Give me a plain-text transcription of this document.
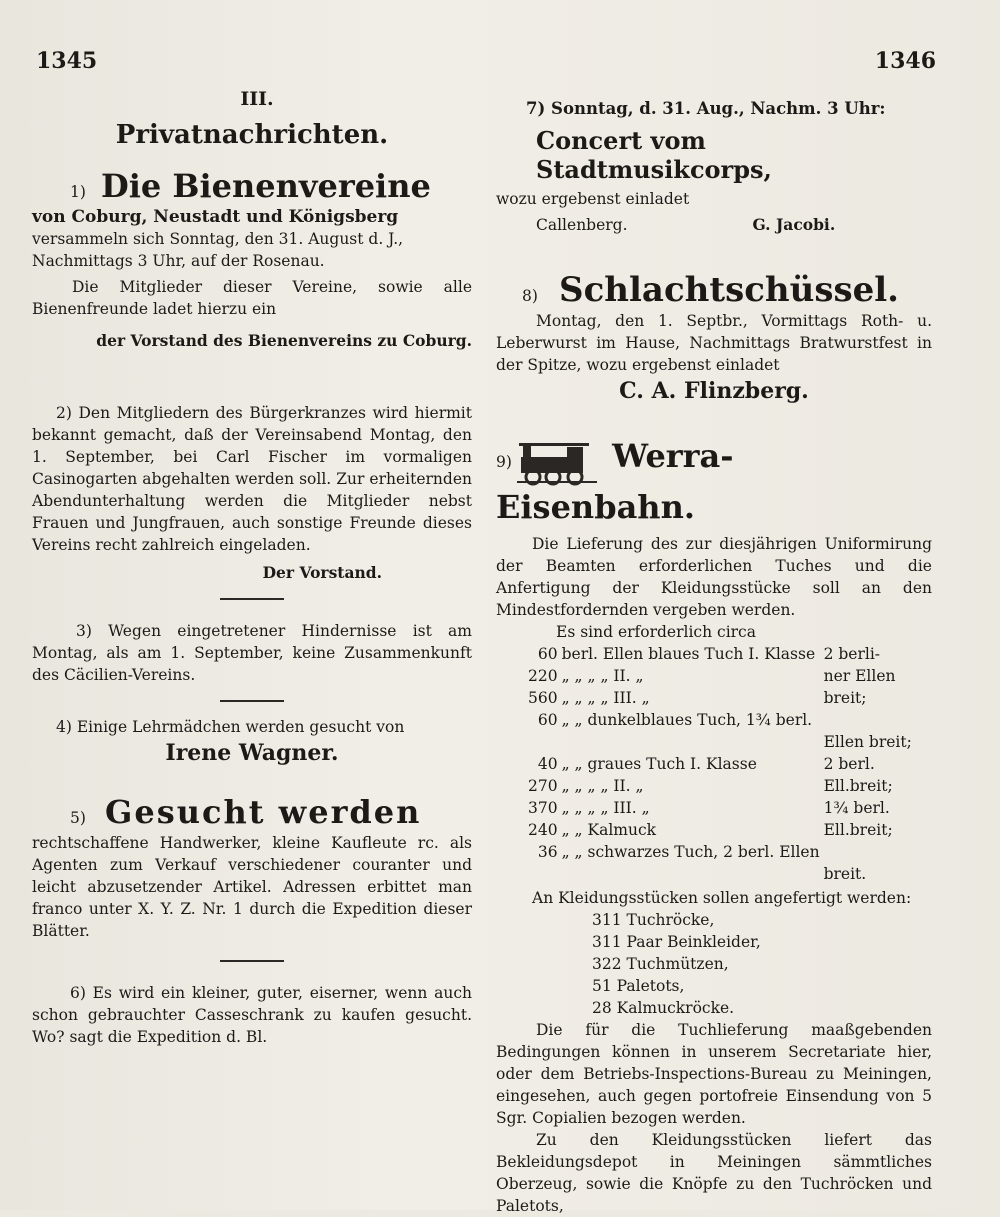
1345	1346
III.
Privatnachrichten.
1) Die Bienenvereine

von Coburg, Neustadt und Königsberg

versammeln sich Sonntag, den 31. August d. J.,

Nachmittags 3 Uhr, auf der Rosenau.

Die Mitglieder dieser Vereine, sowie alle Bienenfreunde ladet hierzu ein

der Vorstand des Bienenvereins zu Coburg.

2) Den Mitgliedern des Bürgerkranzes wird hiermit bekannt gemacht, daß der Vereinsabend Montag, den 1. September, bei Carl Fischer im vormaligen Casinogarten abgehalten werden soll. Zur erheiternden Abendunterhaltung werden die Mitglieder nebst Frauen und Jungfrauen, auch sonstige Freunde dieses Vereins recht zahlreich eingeladen.

Der Vorstand.

3) Wegen eingetretener Hindernisse ist am Montag, als am 1. September, keine Zusammenkunft des Cäcilien-Vereins.

4) Einige Lehrmädchen werden gesucht von

Irene Wagner.

5) Gesucht werden

rechtschaffene Handwerker, kleine Kaufleute rc. als Agenten zum Verkauf verschiedener couranter und leicht abzusetzender Artikel. Adressen erbittet man franco unter X. Y. Z. Nr. 1 durch die Expedition dieser Blätter.

6) Es wird ein kleiner, guter, eiserner, wenn auch schon gebrauchter Casseschrank zu kaufen gesucht. Wo? sagt die Expedition d. Bl.

7) Sonntag, d. 31. Aug., Nachm. 3 Uhr:

Concert vom Stadtmusikcorps,

wozu ergebenst einladet

Callenberg.	G. Jacobi.

8) Schlachtschüssel.

Montag, den 1. Septbr., Vormittags Roth- u. Leberwurst im Hause, Nachmittags Bratwurstfest in der Spitze, wozu ergebenst einladet

C. A. Flinzberg.

9)	Werra-Eisenbahn.

Die Lieferung des zur diesjährigen Uniformirung der Beamten erforderlichen Tuches und die Anfertigung der Kleidungsstücke soll an den Mindestfordernden vergeben werden.

Es sind erforderlich circa

60	berl. Ellen blaues Tuch I. Klasse	2 berli-
220	„ „ „ „ II. „	ner Ellen
560	„ „ „ „ III. „	breit;
60	„ „ dunkelblaues Tuch, 1¾ berl.	
		Ellen breit;
40	„ „ graues Tuch I. Klasse	2 berl.
270	„ „ „ „ II. „	Ell.breit;
370	„ „ „ „ III. „	1¾ berl.
240	„ „ Kalmuck	Ell.breit;
36	„ „ schwarzes Tuch, 2 berl. Ellen	
		breit.

An Kleidungsstücken sollen angefertigt werden:

311 Tuchröcke,
311 Paar Beinkleider,
322 Tuchmützen,
51 Paletots,
28 Kalmuckröcke.

Die für die Tuchlieferung maaßgebenden Bedingungen können in unserem Secretariate hier, oder dem Betriebs-Inspections-Bureau zu Meiningen, eingesehen, auch gegen portofreie Einsendung von 5 Sgr. Copialien bezogen werden.

Zu den Kleidungsstücken liefert das Bekleidungsdepot in Meiningen sämmtliches Oberzeug, sowie die Knöpfe zu den Tuchröcken und Paletots,
